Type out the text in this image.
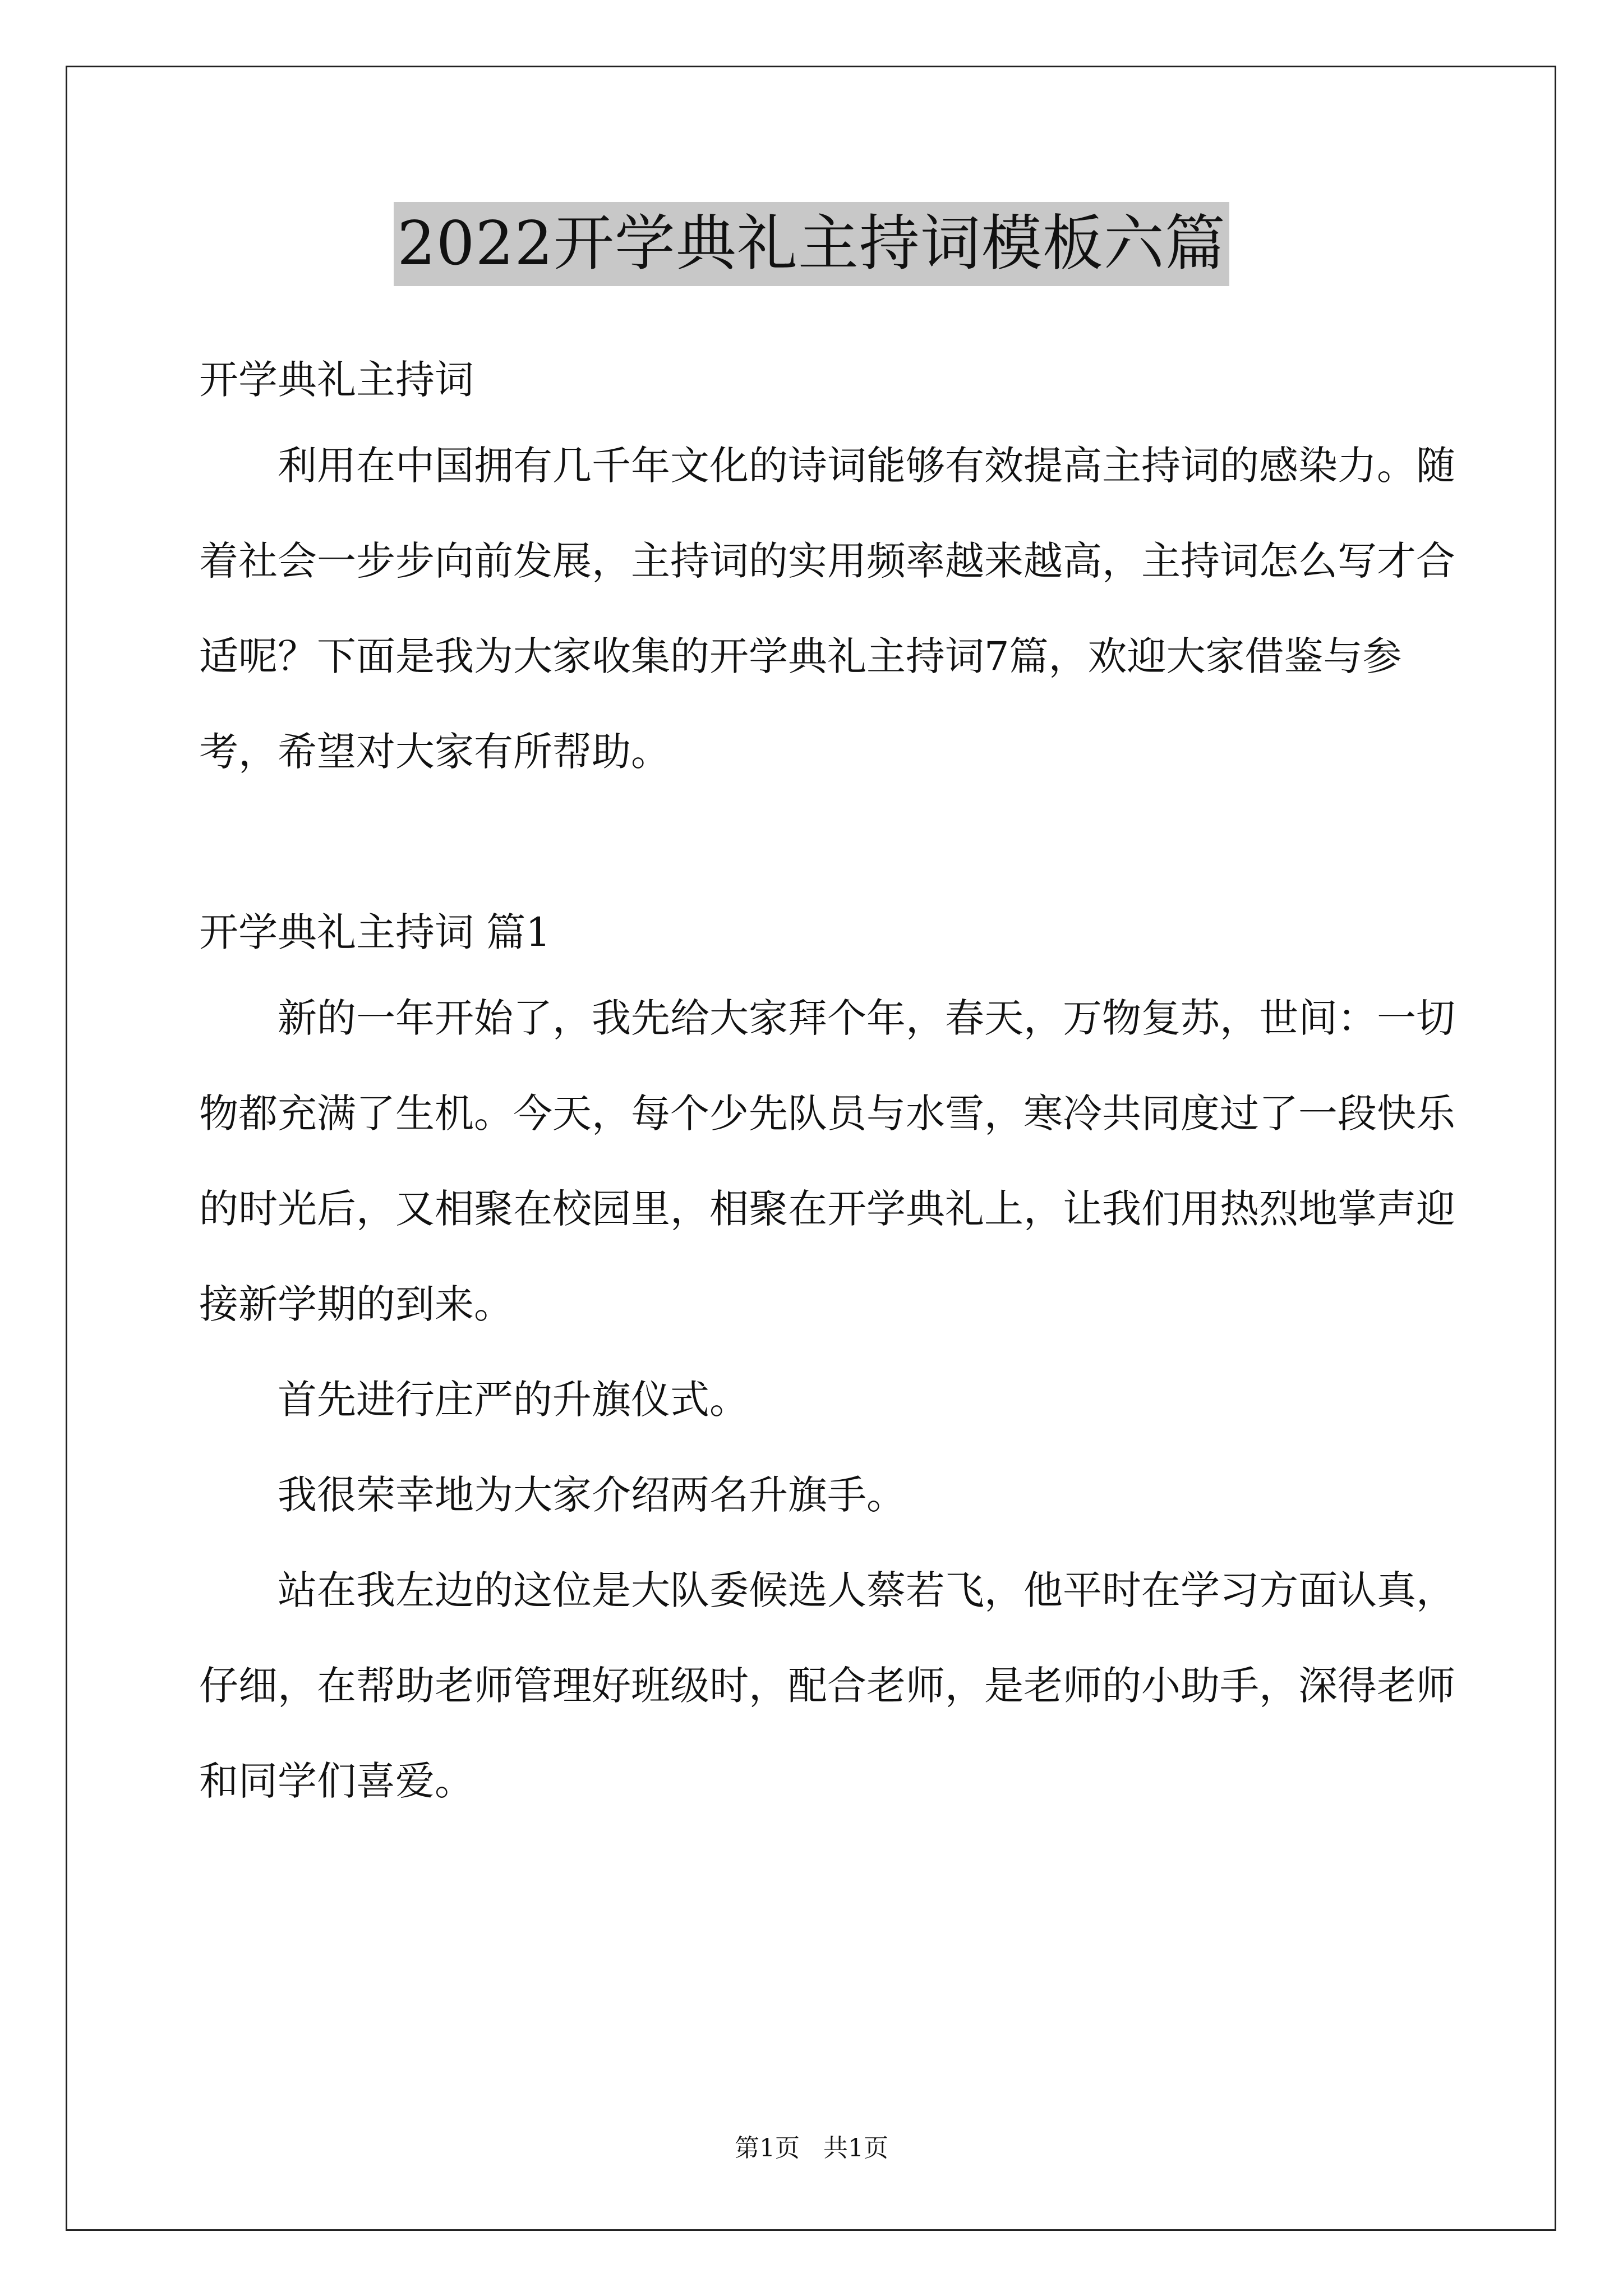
2022开学典礼主持词模板六篇

开学典礼主持词

利用在中国拥有几千年文化的诗词能够有效提高主持词的感染力。随着社会一步步向前发展，主持词的实用频率越来越高，主持词怎么写才合适呢？下面是我为大家收集的开学典礼主持词7篇，欢迎大家借鉴与参考，希望对大家有所帮助。

开学典礼主持词 篇1

新的一年开始了，我先给大家拜个年，春天，万物复苏，世间：一切物都充满了生机。今天，每个少先队员与水雪，寒冷共同度过了一段快乐的时光后，又相聚在校园里，相聚在开学典礼上，让我们用热烈地掌声迎接新学期的到来。

首先进行庄严的升旗仪式。

我很荣幸地为大家介绍两名升旗手。

站在我左边的这位是大队委候选人蔡若飞，他平时在学习方面认真，仔细，在帮助老师管理好班级时，配合老师，是老师的小助手，深得老师和同学们喜爱。

第1页   共1页
